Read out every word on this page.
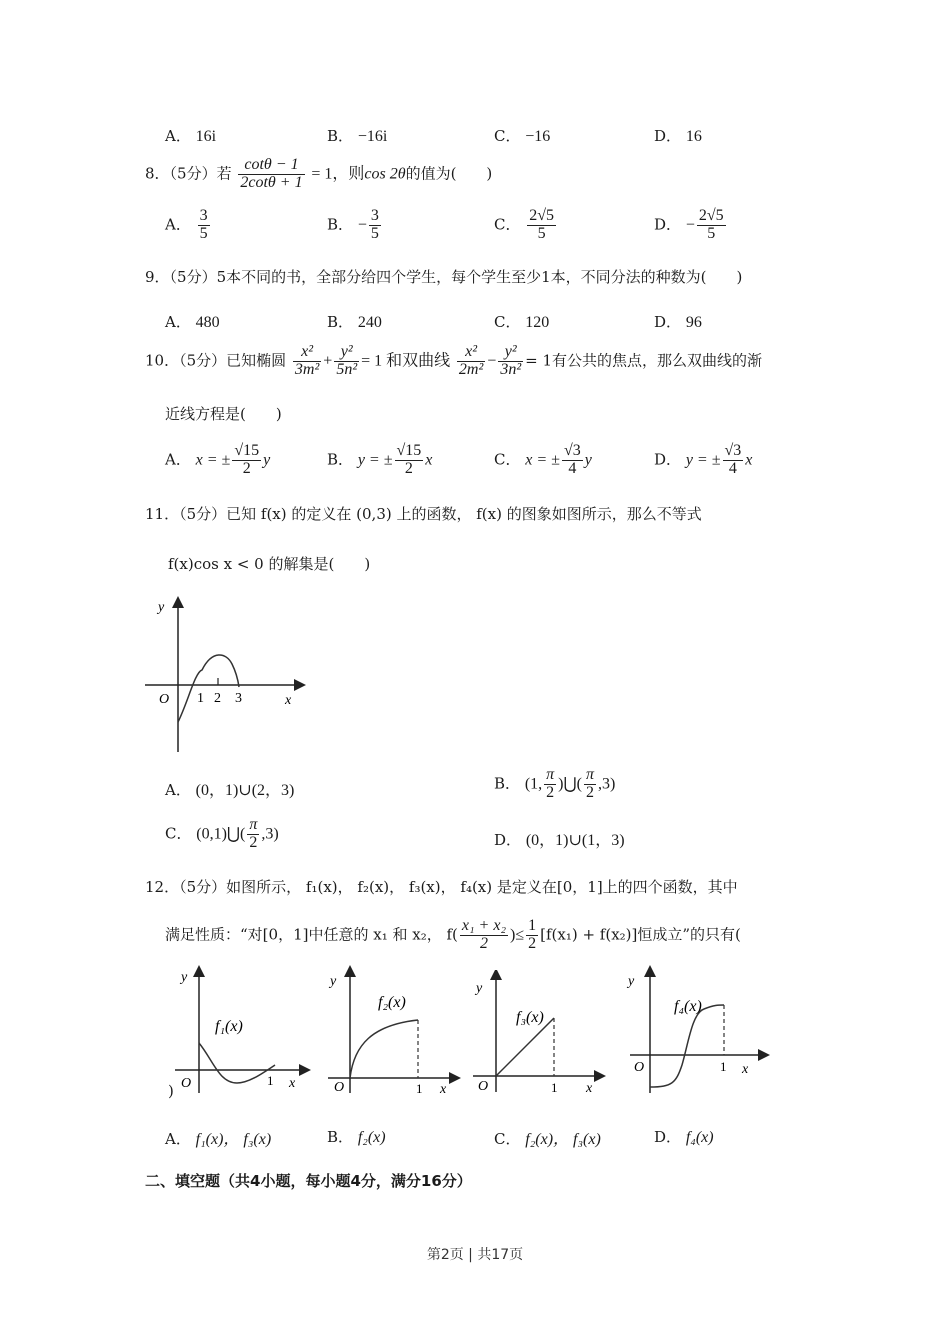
A． 16i	B． −16i	C． −16	D． 16
8．（5分）若 $\frac{\cot\theta - 1}{2\cot\theta + 1} = 1$，则cos 2θ的值为(　　)
A． $\frac{3}{5}$	B． − $\frac{3}{5}$	C． $\frac{2√5}{5}$	D． − $\frac{2√5}{5}$
9．（5分）5本不同的书，全部分给四个学生，每个学生至少1本，不同分法的种数为(　　)
A． 480	B． 240	C． 120	D． 96
10．（5分）已知椭圆 $\frac{\text{x²}}{\text{3m²}} + \frac{\text{y²}}{\text{5n²}} = 1$ 和双曲线 $\frac{\text{x²}}{\text{2m²}} - \frac{\text{y²}}{\text{3n²}} = 1$有公共的焦点，那么双曲线的渐
近线方程是(　　)
A． x = ± $\frac{√15}{2}$ y	B． y = ± $\frac{√15}{2}$ x	C． x = ± $\frac{√3}{4}$ y	D． y = ± $\frac{√3}{4}$ x
11．（5分）已知 f(x) 的定义在 (0,3) 上的函数， f(x) 的图象如图所示，那么不等式
f(x)cos x < 0 的解集是(　　)
y
x
O 1 2 3
A． (0，1)∪(2，3)	B． (1, $\frac{\pi}{2}$ )⋃( $\frac{\pi}{2} ,3$)
C． (0,1)⋃( $\frac{\pi}{2} ,3$)	D． (0，1)∪(1，3)
12．（5分）如图所示， f₁(x)， f₂(x)， f₃(x)， f₄(x) 是定义在[0，1]上的四个函数，其中
满足性质：“对[0，1]中任意的 x₁ 和 x₂， $f( \frac{\text{x₁ + x₂}}{2}$ )≤ $\frac{1}{2} [f(x_1) + f(x_2)]$恒成立”的只有(
y
x
O	1
f₁(x)
y
x
O	1
f₂(x)
y
x
O	1
f₃(x)
y
x
O	1
f₄(x)
)
A． f₁(x)， f₃(x)	B． f₂(x)	C． f₂(x)， f₃(x)	D． f₄(x)
二、填空题（共4小题，每小题4分，满分16分）
第2页 | 共17页
